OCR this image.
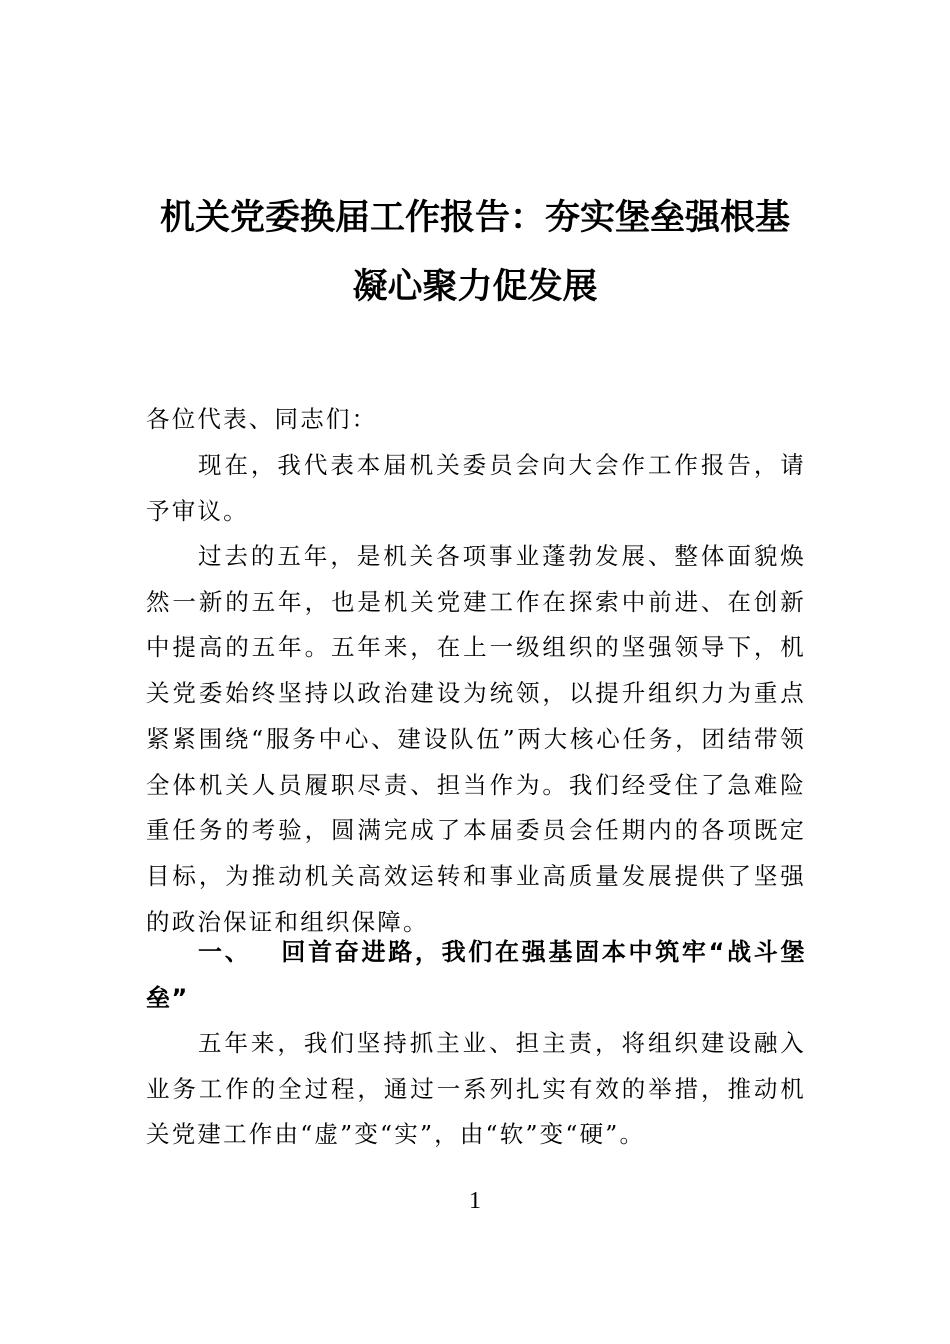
机关党委换届工作报告：夯实堡垒强根基
凝心聚力促发展
各位代表、同志们：
现在，我代表本届机关委员会向大会作工作报告，请予审议。
过去的五年，是机关各项事业蓬勃发展、整体面貌焕然一新的五年，也是机关党建工作在探索中前进、在创新中提高的五年。五年来，在上一级组织的坚强领导下，机关党委始终坚持以政治建设为统领，以提升组织力为重点紧紧围绕“服务中心、建设队伍”两大核心任务，团结带领全体机关人员履职尽责、担当作为。我们经受住了急难险重任务的考验，圆满完成了本届委员会任期内的各项既定目标，为推动机关高效运转和事业高质量发展提供了坚强的政治保证和组织保障。
一、 回首奋进路，我们在强基固本中筑牢“战斗堡垒”
五年来，我们坚持抓主业、担主责，将组织建设融入业务工作的全过程，通过一系列扎实有效的举措，推动机关党建工作由“虚”变“实”，由“软”变“硬”。
1
